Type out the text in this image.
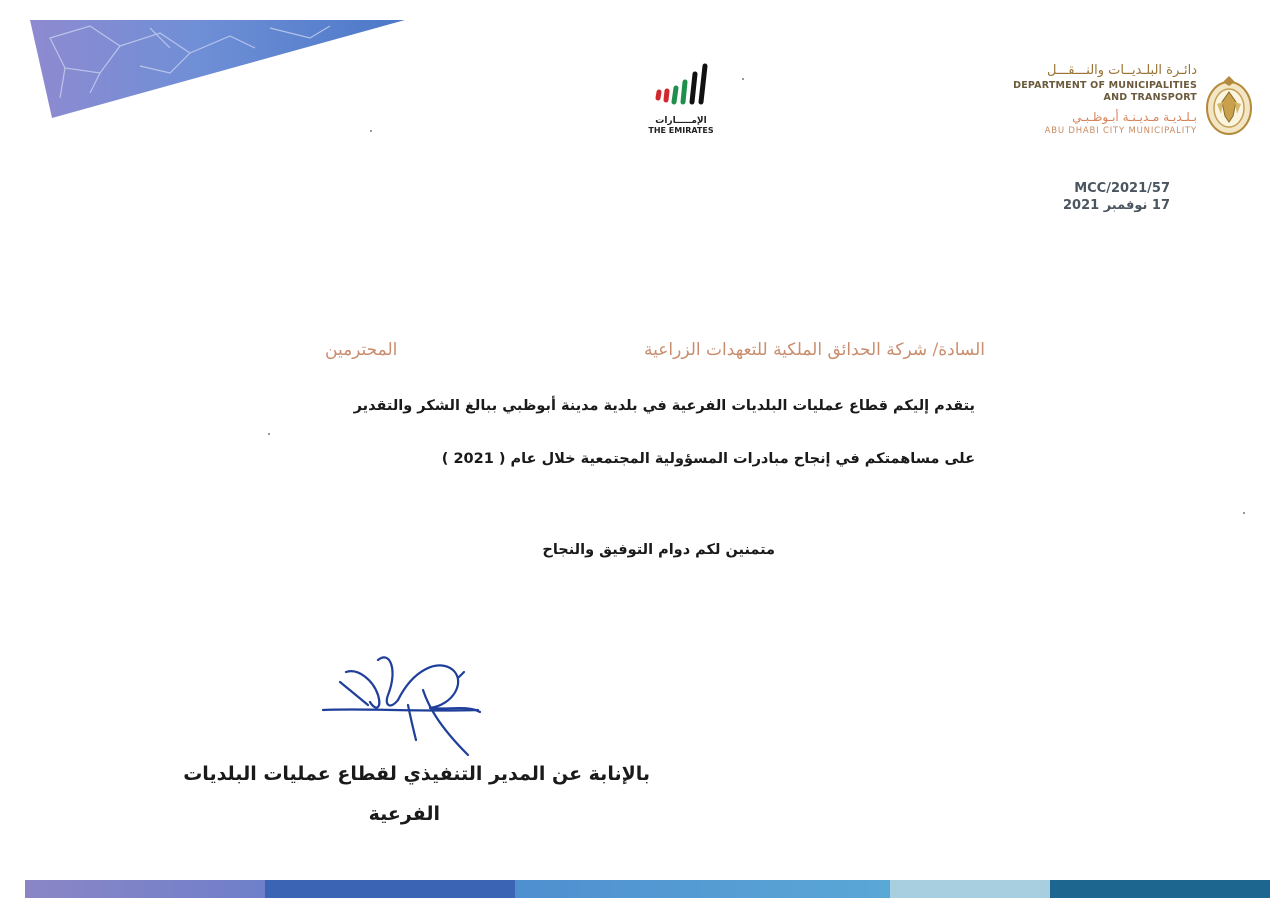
الإمـــــارات
THE EMIRATES
دائـرة البلـديــات والنـــقـــل
DEPARTMENT OF MUNICIPALITIES
AND TRANSPORT
بـلـديـة مـديـنـة أبـوظـبـي
ABU DHABI CITY MUNICIPALITY
MCC/2021/57
17 نوفمبر 2021
السادة/ شركة الحدائق الملكية للتعهدات الزراعية
المحترمين
يتقدم إليكم قطاع عمليات البلديات الفرعية في بلدية مدينة أبوظبي ببالغ الشكر والتقدير
على مساهمتكم في إنجاح مبادرات المسؤولية المجتمعية خلال عام ( 2021 )
متمنين لكم دوام التوفيق والنجاح
بالإنابة عن المدير التنفيذي لقطاع عمليات البلديات
الفرعية
